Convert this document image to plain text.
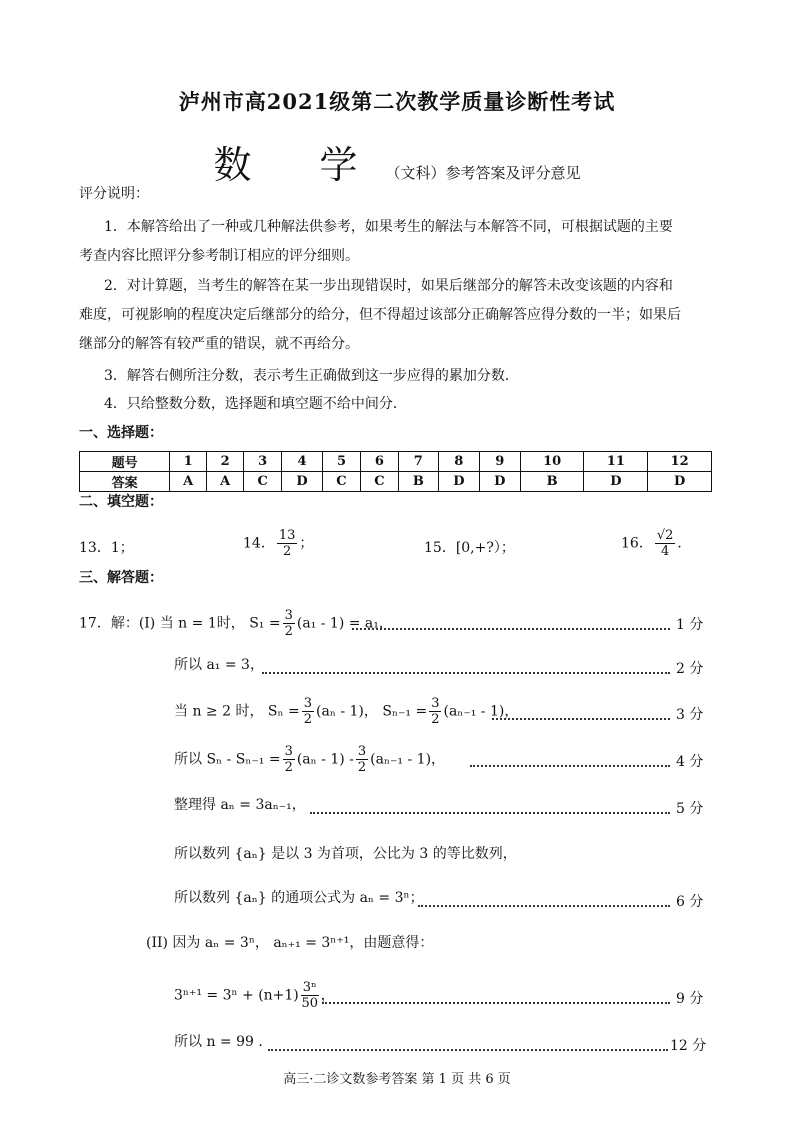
泸州市高2021级第二次教学质量诊断性考试
数 学（文科）参考答案及评分意见
评分说明：
1．本解答给出了一种或几种解法供参考，如果考生的解法与本解答不同，可根据试题的主要
考查内容比照评分参考制订相应的评分细则。
2．对计算题，当考生的解答在某一步出现错误时，如果后继部分的解答未改变该题的内容和
难度，可视影响的程度决定后继部分的给分，但不得超过该部分正确解答应得分数的一半；如果后
继部分的解答有较严重的错误，就不再给分。
3．解答右侧所注分数，表示考生正确做到这一步应得的累加分数．
4．只给整数分数，选择题和填空题不给中间分．
一、选择题：
题号	1	2	3	4	5	6	7	8	9	10	11	12
答案	A	A	C	D	C	C	B	D	D	B	D	D
二、填空题：
13．1；	14． $\frac{13}{2}$ ；	15．[0,+?）；	16． $\frac{√2}{4}$ ．
三、解答题：
17．解：(I) 当 n = 1时， $S_1 = \frac{3}{2} (a_1 - 1) = a_1$，	1 分
所以 a₁ = 3，	2 分
当 n ≥ 2 时， $S_n = \frac{3}{2} (a_n - 1)$， $S_{n-1} = \frac{3}{2} (a_{n-1} - 1)$，	3 分
所以 $S_n - S_{n-1} = \frac{3}{2} (a_n - 1) - \frac{3}{2} (a_{n-1} - 1)$，	4 分
整理得 aₙ = 3aₙ₋₁，	5 分
所以数列 {aₙ} 是以 3 为首项，公比为 3 的等比数列，
所以数列 {aₙ} 的通项公式为 aₙ = 3ⁿ；	6 分
(II) 因为 aₙ = 3ⁿ， aₙ₊₁ = 3ⁿ⁺¹，由题意得：
$3^{n+1} = 3^n + (n+1) \frac{\text{3ⁿ}}{50}$ ，	9 分
所以 n = 99 ．	12 分
高三·二诊文数参考答案 第 1 页 共 6 页
